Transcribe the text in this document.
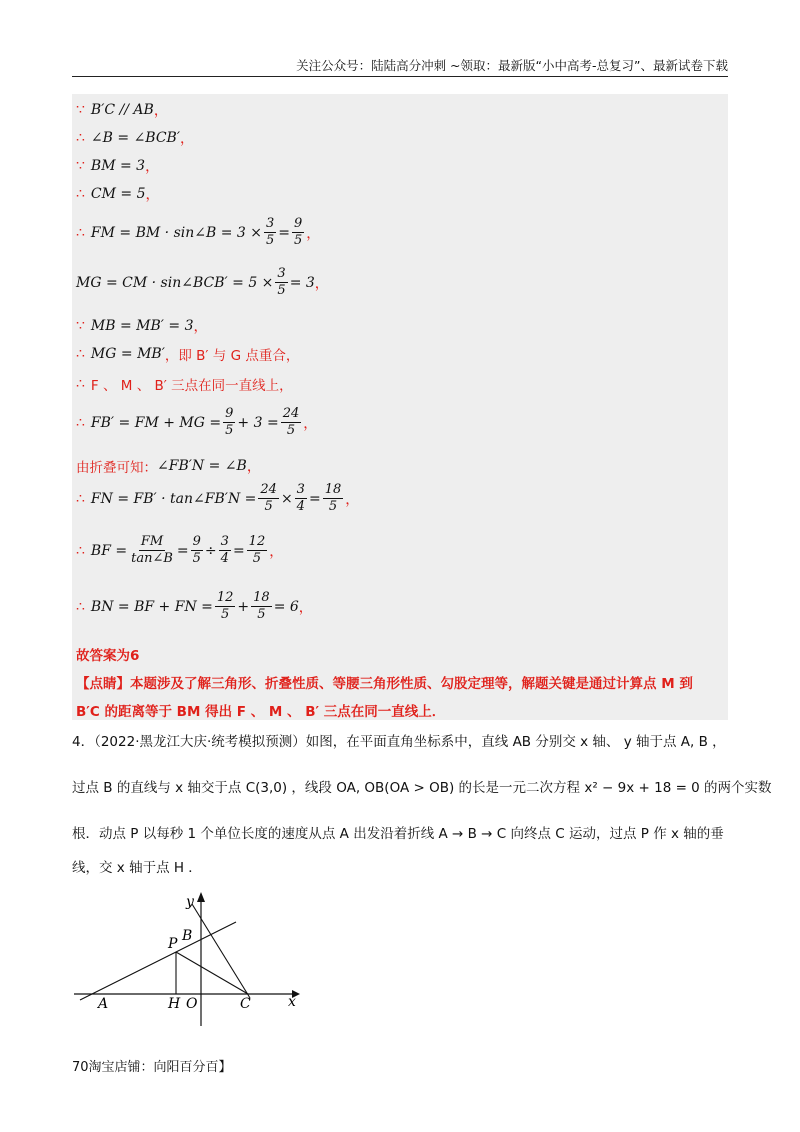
关注公众号：陆陆高分冲刺 ~领取：最新版“小中高考-总复习”、最新试卷下载
∵ B′C // AB ，
∴ ∠B = ∠BCB′ ，
∵ BM = 3 ，
∴ CM = 5 ，
∴ FM = BM · sin∠B = $3 \times \frac{3}{5} = \frac{9}{5}$ ，
MG = CM · sin∠BCB′ = $5 \times \frac{3}{5} = 3$ ，
∵ MB = MB′ = 3 ，
∴ MG = MB′ ，即 B′ 与 G 点重合，
∴ F 、 M 、 B′ 三点在同一直线上，
∴ FB′ = FM + MG = $\frac{9}{5} + 3 = \frac{24}{5}$ ，
由折叠可知： ∠FB′N = ∠B ，
∴ FN = FB′ · tan∠FB′N = $\frac{24}{5} \times \frac{3}{4} = \frac{18}{5}$ ，
∴ BF = $\frac{FM}{\tan\angle B} = \frac{9}{5} \div \frac{3}{4} = \frac{12}{5}$ ，
∴ BN = BF + FN = $\frac{12}{5} + \frac{18}{5} = 6$ ，
故答案为6
【点睛】本题涉及了解三角形、折叠性质、等腰三角形性质、勾股定理等，解题关键是通过计算点 M 到
B′C 的距离等于 BM 得出 F 、 M 、 B′ 三点在同一直线上．
4．（2022·黑龙江大庆·统考模拟预测）如图，在平面直角坐标系中，直线 AB 分别交 x 轴、 y 轴于点 A, B ，
过点 B 的直线与 x 轴交于点 C(3,0) ，线段 OA, OB(OA > OB) 的长是一元二次方程 x² − 9x + 18 = 0 的两个实数
根．动点 P 以每秒 1 个单位长度的速度从点 A 出发沿着折线 A → B → C 向终点 C 运动，过点 P 作 x 轴的垂
线，交 x 轴于点 H ．
y
B
P
A	H O	C	x
70淘宝店铺：向阳百分百】
